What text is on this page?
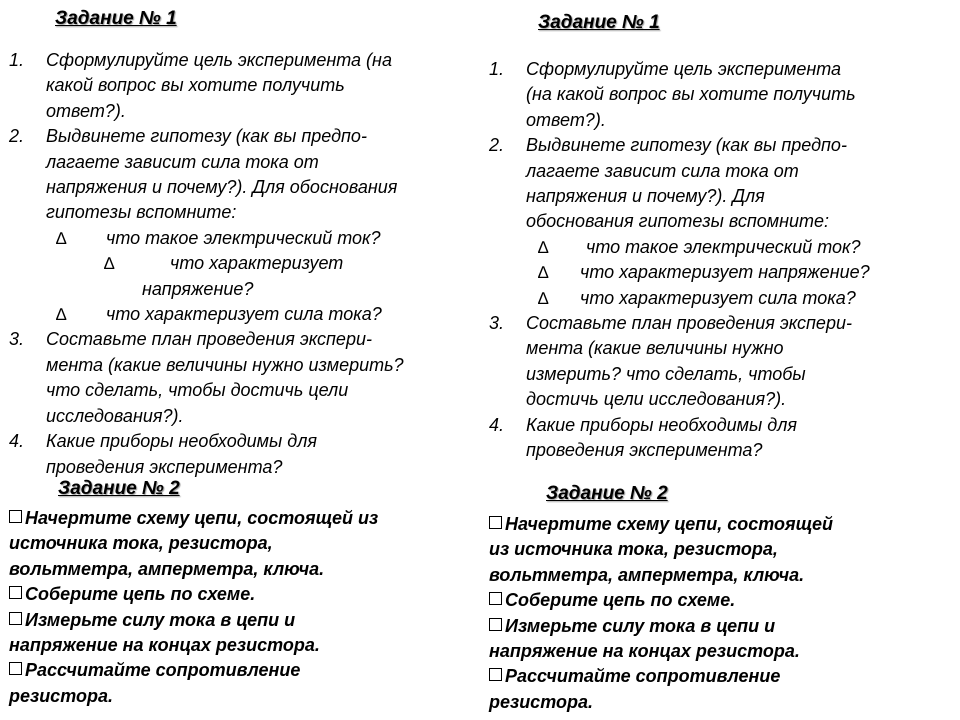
Задание № 1
1.	Сформулируйте цель эксперимента (на
какой вопрос вы хотите получить
ответ?).
2.	Выдвинете гипотезу (как вы предпо-
лагаете зависит сила тока от
напряжения и почему?). Для обоснования
гипотезы вспомните:
∆ что такое электрический ток?
∆	что характеризует
напряжение?
∆ что характеризует сила тока?
3.	Составьте план проведения экспери-
мента (какие величины нужно измерить?
что сделать, чтобы достичь цели
исследования?).
4.	Какие приборы необходимы для
проведения эксперимента?
Задание № 2
Начертите схему цепи, состоящей из
источника тока, резистора,
вольтметра, амперметра, ключа.
Соберите цепь по схеме.
Измерьте силу тока в цепи и
напряжение на концах резистора.
Рассчитайте сопротивление
резистора.
Задание № 1
1.	Сформулируйте цель эксперимента
(на какой вопрос вы хотите получить
ответ?).
2.	Выдвинете гипотезу (как вы предпо-
лагаете зависит сила тока от
напряжения и почему?). Для
обоснования гипотезы вспомните:
∆ что такое электрический ток?
∆ что характеризует напряжение?
∆ что характеризует сила тока?
3.	Составьте план проведения экспери-
мента (какие величины нужно
измерить? что сделать, чтобы
достичь цели исследования?).
4.	Какие приборы необходимы для
проведения эксперимента?
Задание № 2
Начертите схему цепи, состоящей
из источника тока, резистора,
вольтметра, амперметра, ключа.
Соберите цепь по схеме.
Измерьте силу тока в цепи и
напряжение на концах резистора.
Рассчитайте сопротивление
резистора.
